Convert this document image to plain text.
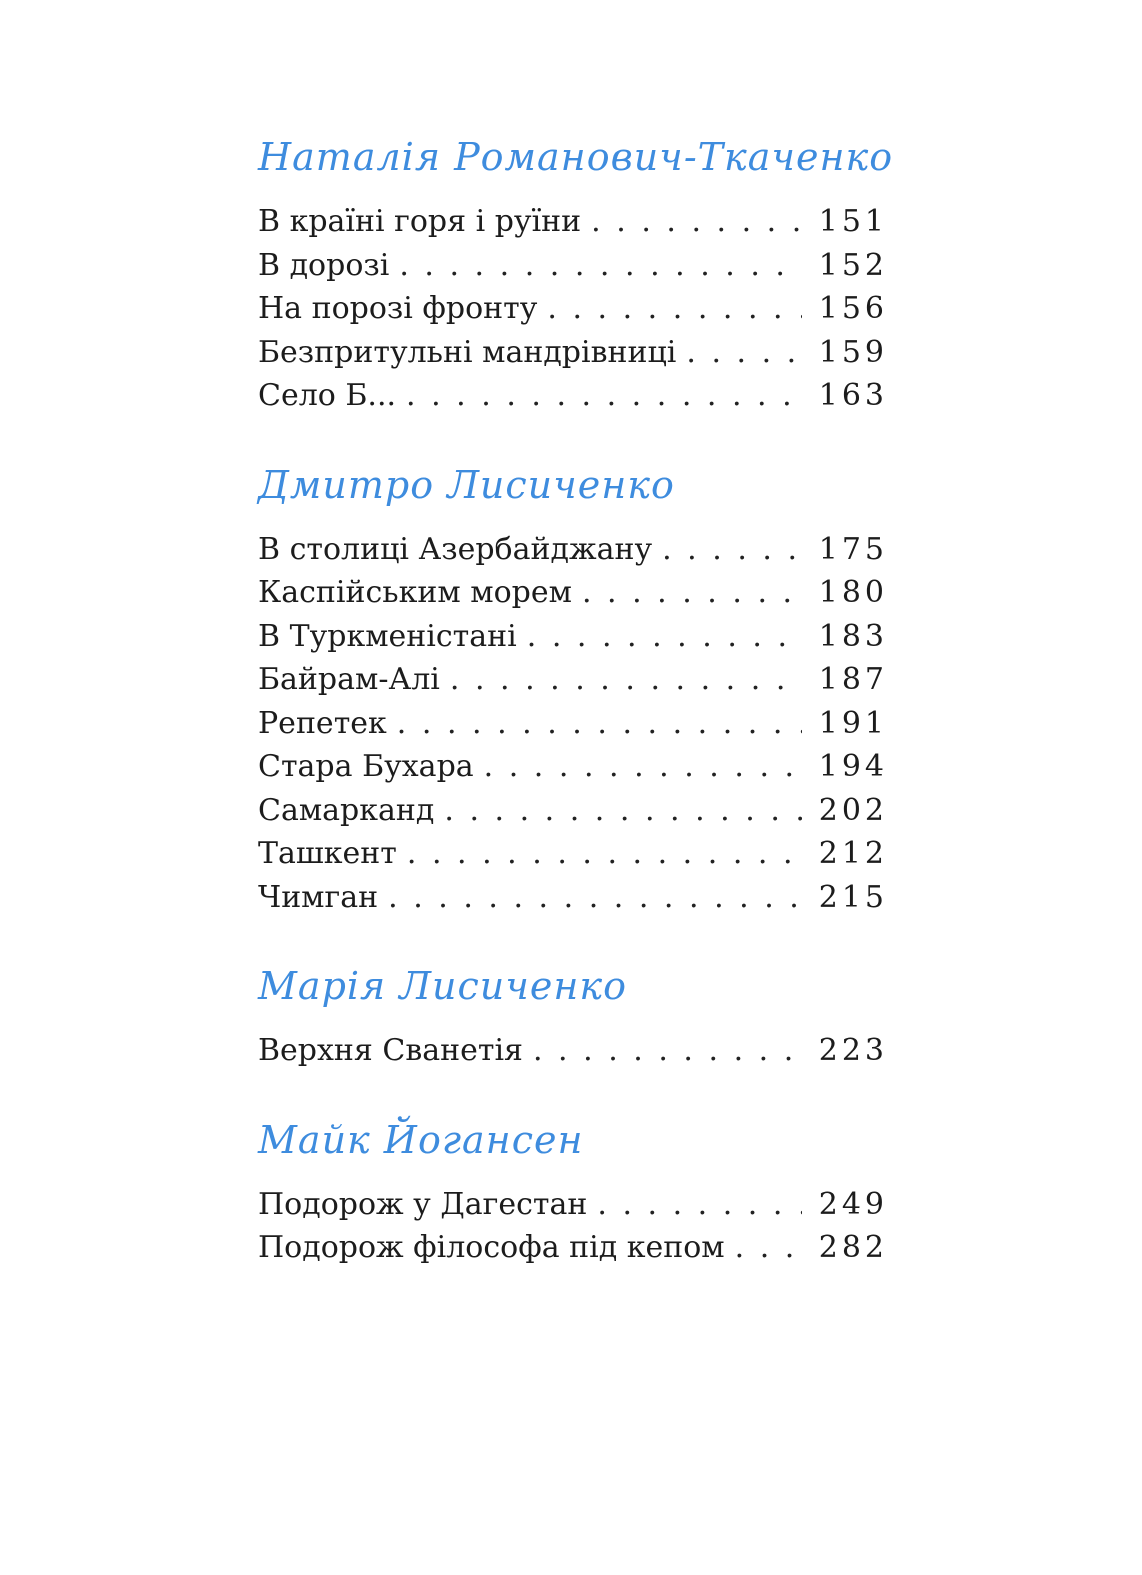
Наталія Романович-Ткаченко
В країні горя і руїни . . .	151
В дорозі . . .	152
На порозі фронту . . .	156
Безпритульні мандрівниці . . .	159
Село Б... . . .	163
Дмитро Лисиченко
В столиці Азербайджану . . .	175
Каспійським морем . . .	180
В Туркменістані . . .	183
Байрам-Алі . . .	187
Репетек . . .	191
Стара Бухара . . .	194
Самарканд . . .	202
Ташкент . . .	212
Чимган . . .	215
Марія Лисиченко
Верхня Сванетія . . .	223
Майк Йогансен
Подорож у Дагестан . . .	249
Подорож філософа під кепом . . .	282
